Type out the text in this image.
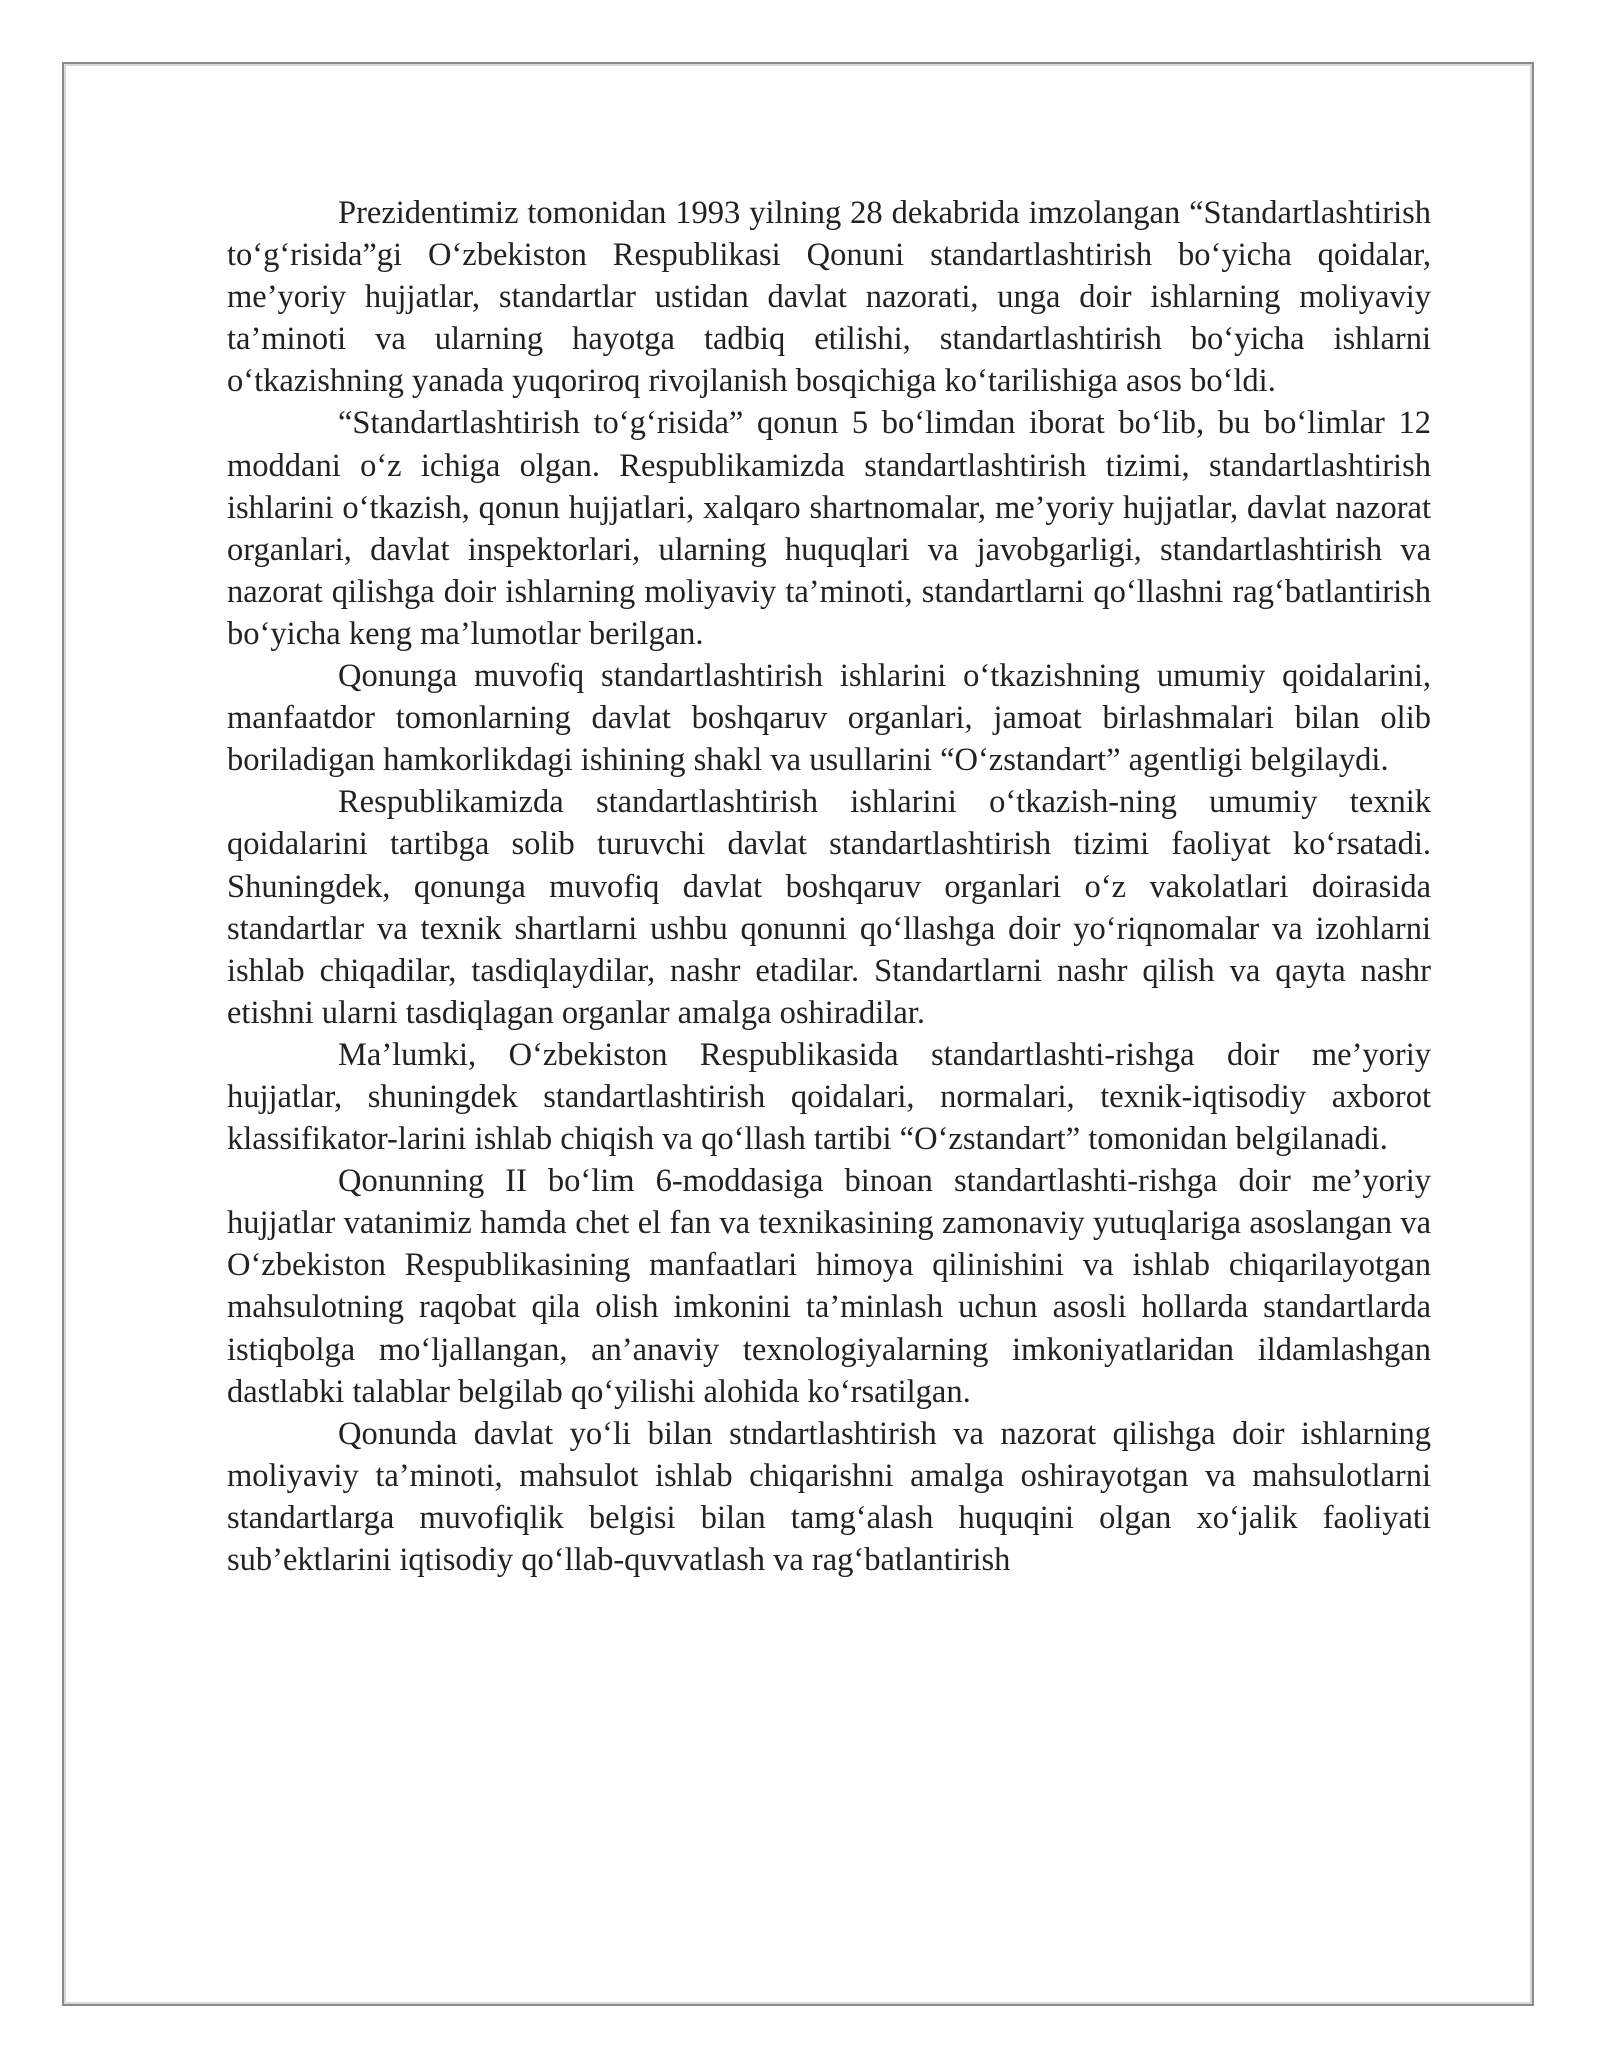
Prezidentimiz tomonidan 1993 yilning 28 dekabrida imzolangan “Standartlashtirish to‘g‘risida”gi O‘zbekiston Respublikasi Qonuni standartlashtirish bo‘yicha qoidalar, me’yoriy hujjatlar, standartlar ustidan davlat nazorati, unga doir ishlarning moliyaviy ta’minoti va ularning hayotga tadbiq etilishi, standartlashtirish bo‘yicha ishlarni o‘tkazishning yanada yuqoriroq rivojlanish bosqichiga ko‘tarilishiga asos bo‘ldi.

“Standartlashtirish to‘g‘risida” qonun 5 bo‘limdan iborat bo‘lib, bu bo‘limlar 12 moddani o‘z ichiga olgan. Respublikamizda standartlashtirish tizimi, standartlashtirish ishlarini o‘tkazish, qonun hujjatlari, xalqaro shartnomalar, me’yoriy hujjatlar, davlat nazorat organlari, davlat inspektorlari, ularning huquqlari va javobgarligi, standartlashtirish va nazorat qilishga doir ishlarning moliyaviy ta’minoti, standartlarni qo‘llashni rag‘batlantirish bo‘yicha keng ma’lumotlar berilgan.

Qonunga muvofiq standartlashtirish ishlarini o‘tkazishning umumiy qoidalarini, manfaatdor tomonlarning davlat boshqaruv organlari, jamoat birlashmalari bilan olib boriladigan hamkorlikdagi ishining shakl va usullarini “O‘zstandart” agentligi belgilaydi.

Respublikamizda standartlashtirish ishlarini o‘tkazish-ning umumiy texnik qoidalarini tartibga solib turuvchi davlat standartlashtirish tizimi faoliyat ko‘rsatadi. Shuningdek, qonunga muvofiq davlat boshqaruv organlari o‘z vakolatlari doirasida standartlar va texnik shartlarni ushbu qonunni qo‘llashga doir yo‘riqnomalar va izohlarni ishlab chiqadilar, tasdiqlaydilar, nashr etadilar. Standartlarni nashr qilish va qayta nashr etishni ularni tasdiqlagan organlar amalga oshiradilar.

Ma’lumki, O‘zbekiston Respublikasida standartlashti-rishga doir me’yoriy hujjatlar, shuningdek standartlashtirish qoidalari, normalari, texnik-iqtisodiy axborot klassifikator-larini ishlab chiqish va qo‘llash tartibi “O‘zstandart” tomonidan belgilanadi.

Qonunning II bo‘lim 6-moddasiga binoan standartlashti-rishga doir me’yoriy hujjatlar vatanimiz hamda chet el fan va texnikasining zamonaviy yutuqlariga asoslangan va O‘zbekiston Respublikasining manfaatlari himoya qilinishini va ishlab chiqarilayotgan mahsulotning raqobat qila olish imkonini ta’minlash uchun asosli hollarda standartlarda istiqbolga mo‘ljallangan, an’anaviy texnologiyalarning imkoniyatlaridan ildamlashgan dastlabki talablar belgilab qo‘yilishi alohida ko‘rsatilgan.

Qonunda davlat yo‘li bilan stndartlashtirish va nazorat qilishga doir ishlarning moliyaviy ta’minoti, mahsulot ishlab chiqarishni amalga oshirayotgan va mahsulotlarni standartlarga muvofiqlik belgisi bilan tamg‘alash huquqini olgan xo‘jalik faoliyati sub’ektlarini iqtisodiy qo‘llab-quvvatlash va rag‘batlantirish
